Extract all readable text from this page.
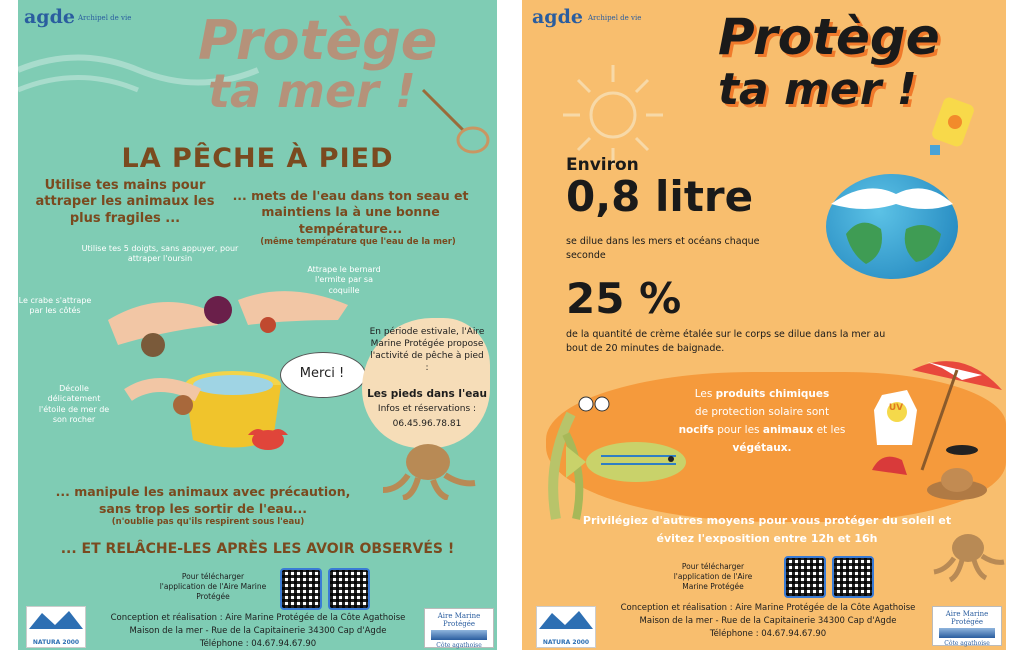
agde Archipel de vie Protège
ta mer !
LA PÊCHE À PIED
Utilise tes mains pour attraper les animaux les plus fragiles ...
... mets de l'eau dans ton seau et maintiens la à une bonne température...
(même température que l'eau de la mer)
Utilise tes 5 doigts, sans appuyer, pour attraper l'oursin
Le crabe s'attrape par les côtés
Attrape le bernard l'ermite par sa coquille
Décolle délicatement l'étoile de mer de son rocher
Merci !
En période estivale, l'Aire Marine Protégée propose l'activité de pêche à pied :
Les pieds dans l'eau
Infos et réservations :
06.45.96.78.81
... manipule les animaux avec précaution, sans trop les sortir de l'eau...
(n'oublie pas qu'ils respirent sous l'eau)
... ET RELÂCHE-LES APRÈS LES AVOIR OBSERVÉS !
Pour télécharger l'application de l'Aire Marine Protégée
NATURA 2000
Conception et réalisation : Aire Marine Protégée de la Côte Agathoise
Maison de la mer - Rue de la Capitainerie 34300 Cap d'Agde
Téléphone : 04.67.94.67.90
Aire Marine Protégée
Côte agathoise
agde Archipel de vie Protège
ta mer !
Environ
0,8 litre
se dilue dans les mers et océans chaque seconde
25 %
de la quantité de crème étalée sur le corps se dilue dans la mer au bout de 20 minutes de baignade.
Les produits chimiques
de protection solaire sont
nocifs pour les animaux et les
végétaux.
UV
Privilégiez d'autres moyens pour vous protéger du soleil et évitez l'exposition entre 12h et 16h
Pour télécharger l'application de l'Aire Marine Protégée
NATURA 2000
Conception et réalisation : Aire Marine Protégée de la Côte Agathoise
Maison de la mer - Rue de la Capitainerie 34300 Cap d'Agde
Téléphone : 04.67.94.67.90
Aire Marine Protégée
Côte agathoise
